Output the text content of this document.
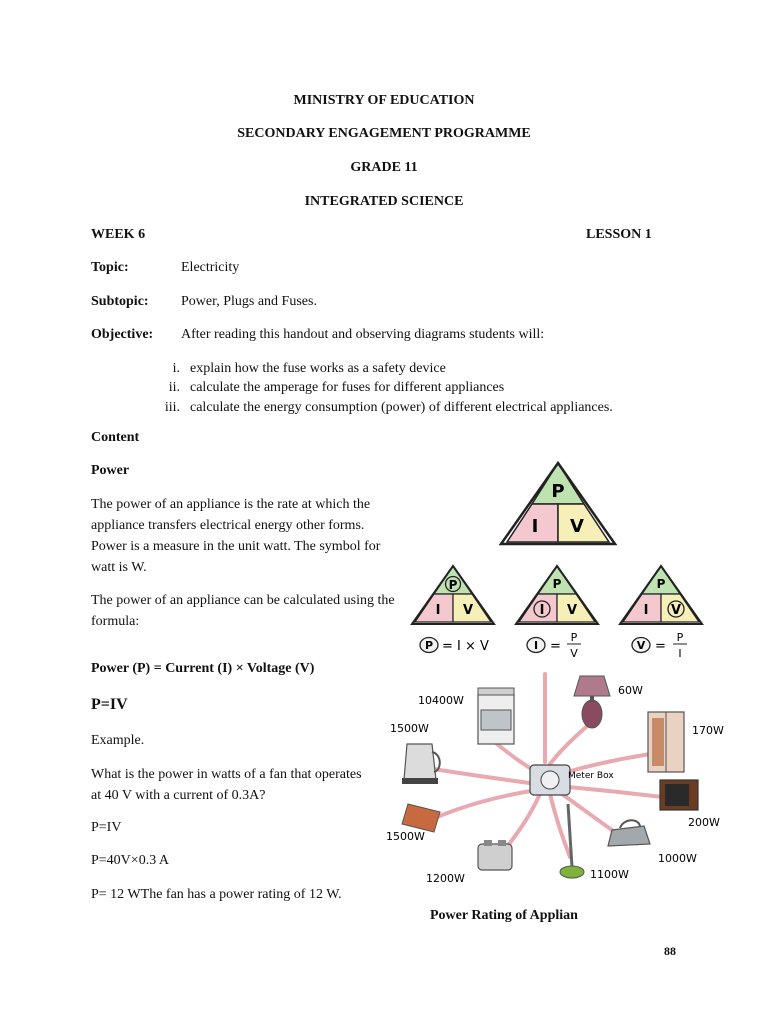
MINISTRY OF EDUCATION
SECONDARY ENGAGEMENT PROGRAMME
GRADE 11
INTEGRATED SCIENCE
WEEK 6	LESSON 1
Topic:	Electricity
Subtopic: Power, Plugs and Fuses.
Objective: After reading this handout and observing diagrams students will:
i. explain how the fuse works as a safety device
ii. calculate the amperage for fuses for different appliances
iii. calculate the energy consumption (power) of different electrical appliances.
Content
Power
The power of an appliance is the rate at which the appliance transfers electrical energy other forms. Power is a measure in the unit watt. The symbol for watt is W.
The power of an appliance can be calculated using the formula:
Power (P) = Current (I) × Voltage (V)
P=IV
Example.
What is the power in watts of a fan that operates at 40 V with a current of 0.3A?
P=IV
P=40V×0.3 A
P= 12 WThe fan has a power rating of 12 W.
P
I V
P
I V
P
I V
P
I V
P = I × V	I =
P
V
V =
P
I
Meter Box
10400W
60W
1500W	170W
200W
1500W
1000W
1200W	1100W
Power Rating of Applian
88
